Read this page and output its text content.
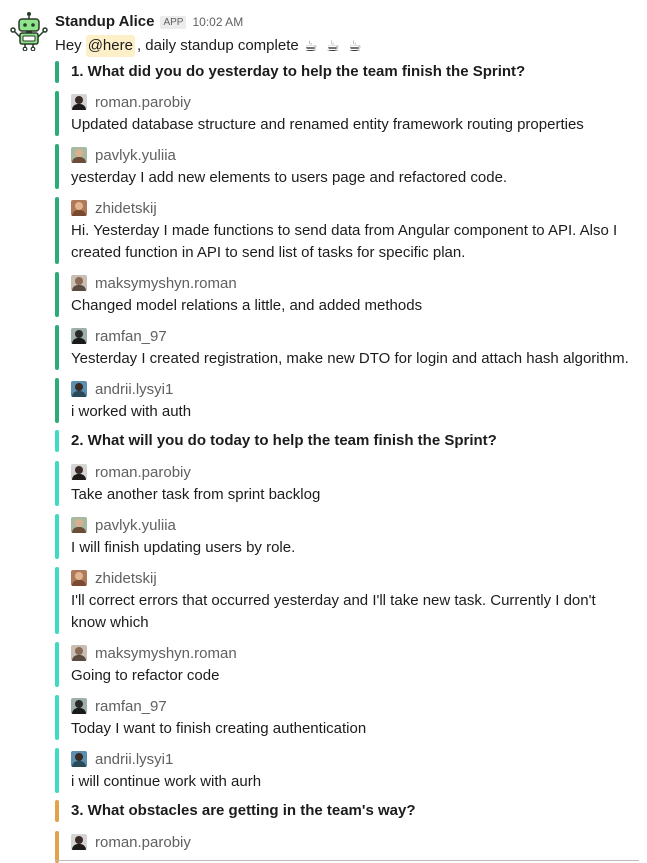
Standup Alice APP 10:02 AM
Hey @here , daily standup complete ☕ ☕ ☕
1. What did you do yesterday to help the team finish the Sprint?
roman.parobiy
Updated database structure and renamed entity framework routing properties
pavlyk.yuliia
yesterday I add new elements to users page and refactored code.
zhidetskij
Hi. Yesterday I made functions to send data from Angular component to API. Also I created function in API to send list of tasks for specific plan.
maksymyshyn.roman
Changed model relations a little, and added methods
ramfan_97
Yesterday I created registration, make new DTO for login and attach hash algorithm.
andrii.lysyi1
i worked with auth
2. What will you do today to help the team finish the Sprint?
roman.parobiy
Take another task from sprint backlog
pavlyk.yuliia
I will finish updating users by role.
zhidetskij
I'll correct errors that occurred yesterday and I'll take new task. Currently I don't know which
maksymyshyn.roman
Going to refactor code
ramfan_97
Today I want to finish creating authentication
andrii.lysyi1
i will continue work with aurh
3. What obstacles are getting in the team's way?
roman.parobiy
